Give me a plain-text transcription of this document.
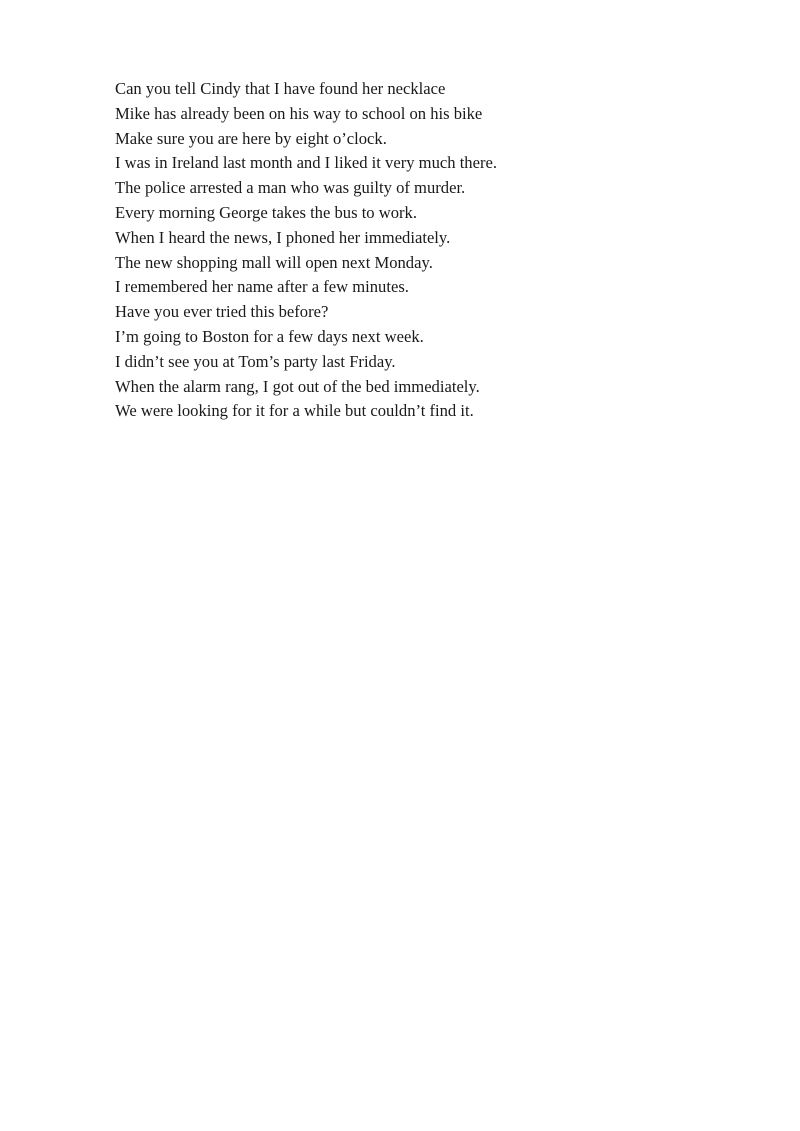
Can you tell Cindy that I have found her necklace
Mike has already been on his way to school on his bike
Make sure you are here by eight o’clock.
I was in Ireland last month and I liked it very much there.
The police arrested a man who was guilty of murder.
Every morning George takes the bus to work.
When I heard the news, I phoned her immediately.
The new shopping mall will open next Monday.
I remembered her name after a few minutes.
Have you ever tried this before?
I’m going to Boston for a few days next week.
I didn’t see you at Tom’s party last Friday.
When the alarm rang, I got out of the bed immediately.
We were looking for it for a while but couldn’t find it.
